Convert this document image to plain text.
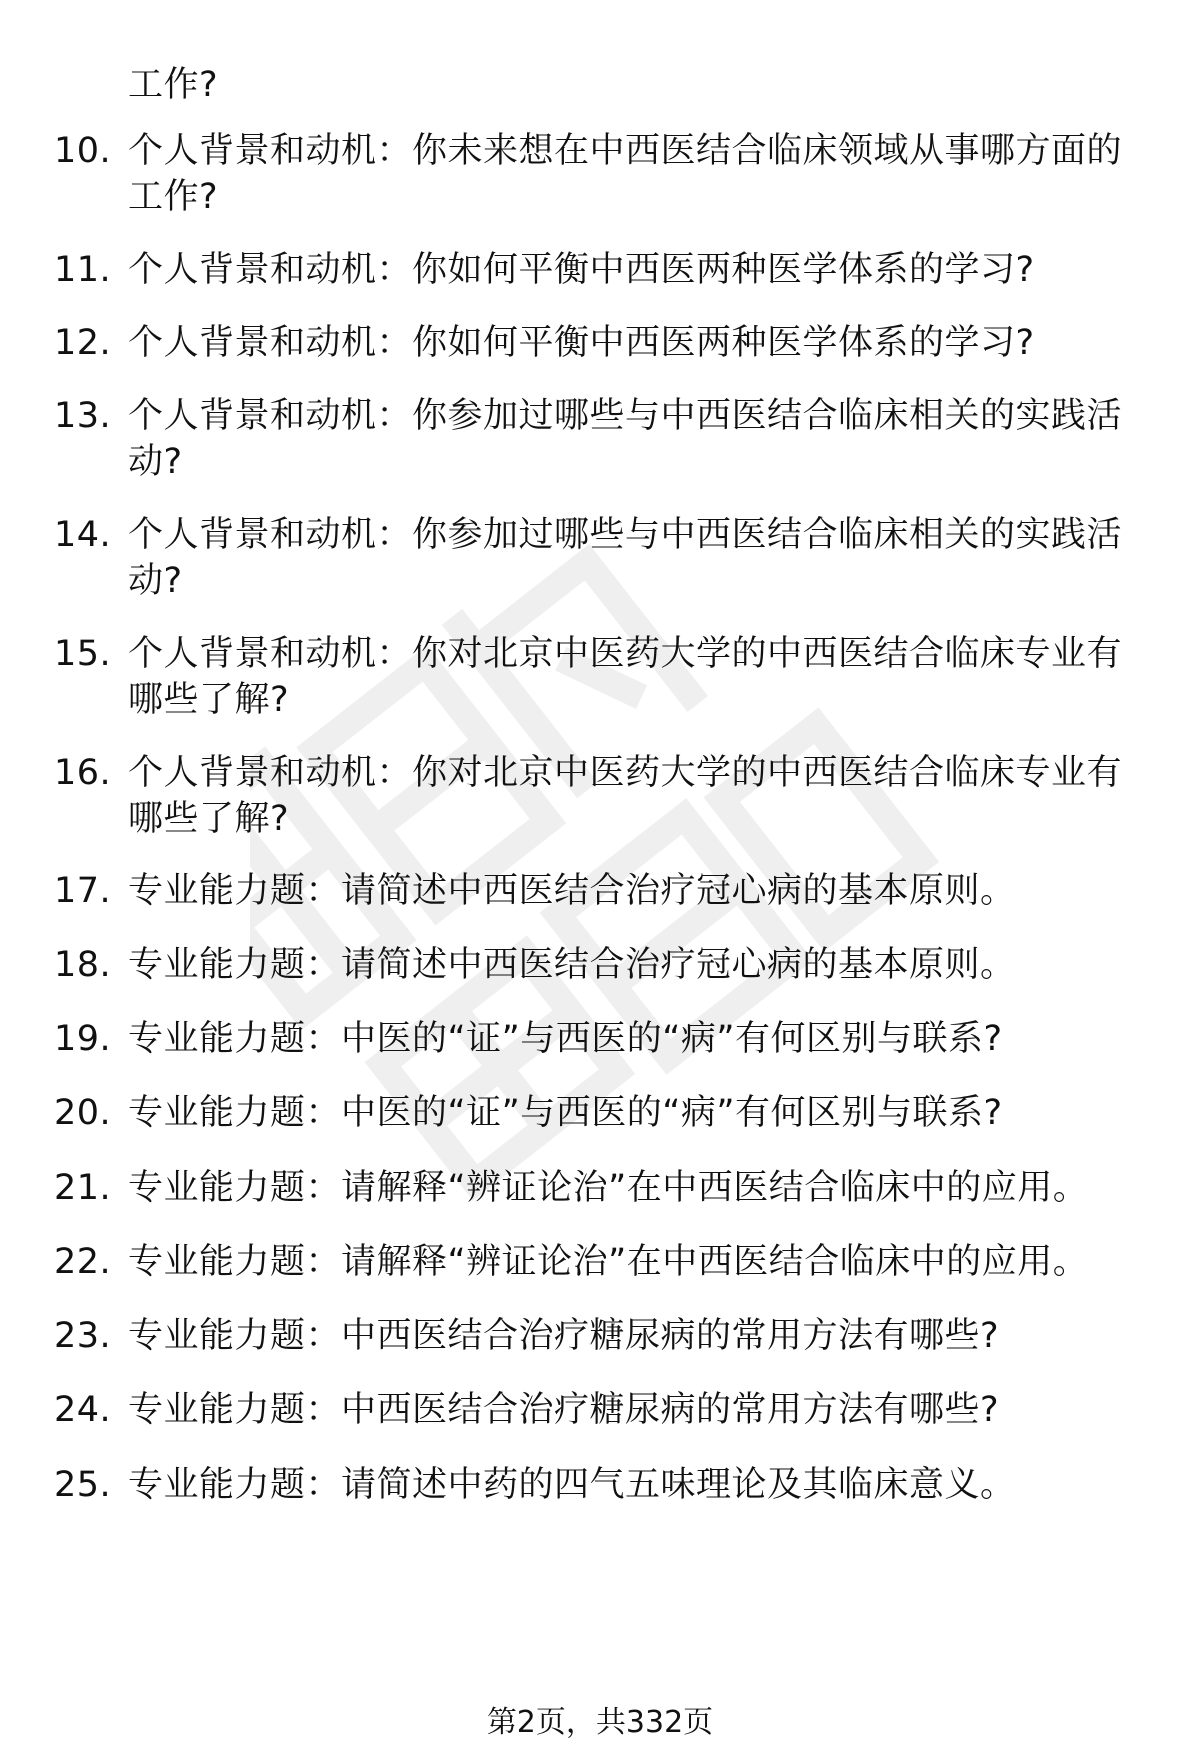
工作?
10. 个人背景和动机：你未来想在中西医结合临床领域从事哪方面的工作?
11. 个人背景和动机：你如何平衡中西医两种医学体系的学习?
12. 个人背景和动机：你如何平衡中西医两种医学体系的学习?
13. 个人背景和动机：你参加过哪些与中西医结合临床相关的实践活动?
14. 个人背景和动机：你参加过哪些与中西医结合临床相关的实践活动?
15. 个人背景和动机：你对北京中医药大学的中西医结合临床专业有哪些了解?
16. 个人背景和动机：你对北京中医药大学的中西医结合临床专业有哪些了解?
17. 专业能力题：请简述中西医结合治疗冠心病的基本原则。
18. 专业能力题：请简述中西医结合治疗冠心病的基本原则。
19. 专业能力题：中医的“证”与西医的“病”有何区别与联系?
20. 专业能力题：中医的“证”与西医的“病”有何区别与联系?
21. 专业能力题：请解释“辨证论治”在中西医结合临床中的应用。
22. 专业能力题：请解释“辨证论治”在中西医结合临床中的应用。
23. 专业能力题：中西医结合治疗糖尿病的常用方法有哪些?
24. 专业能力题：中西医结合治疗糖尿病的常用方法有哪些?
25. 专业能力题：请简述中药的四气五味理论及其临床意义。
第2页，共332页
